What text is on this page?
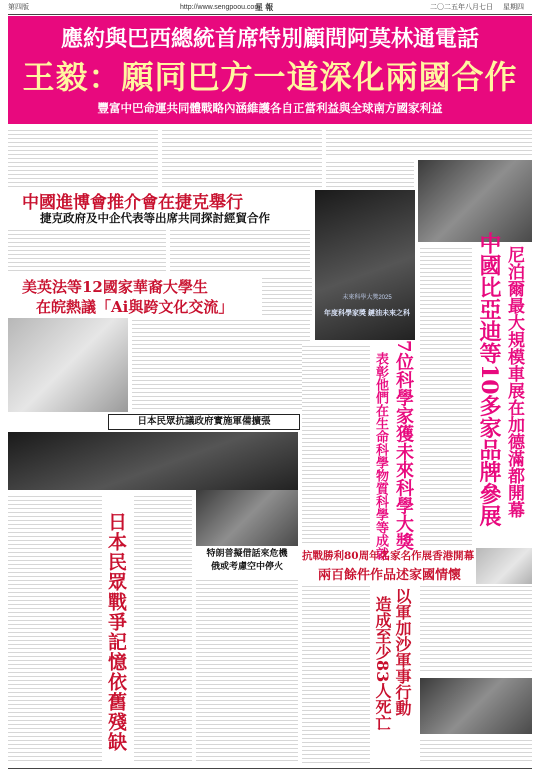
第四版	http://www.sengpoou.com
星 報	二〇二五年八月七日 星期四
應約與巴西總統首席特別顧問阿莫林通電話
王毅：願同巴方一道深化兩國合作
豐富中巴命運共同體戰略內涵維護各自正當利益與全球南方國家利益
中國進博會推介會在捷克舉行
捷克政府及中企代表等出席共同探討經貿合作
年度科學家獎 鏈油未來之科
未來科學大獎2025
美英法等12國家華裔大學生
在皖熱議「Ai與跨文化交流」
日本民眾抗議政府實施軍備擴張
日本民眾戰爭記憶依舊殘缺	特朗普擬借話來危機
俄或考慮空中停火
7位科學家獲未來科學大獎
表彰他們在生命科學物質科學等成就	尼泊爾最大規模車展在加德滿都開幕
中國比亞迪等10多家品牌參展
抗戰勝利80周年名家名作展香港開幕
兩百餘件作品述家國情懷
以軍加沙軍事行動
造成至少83人死亡
